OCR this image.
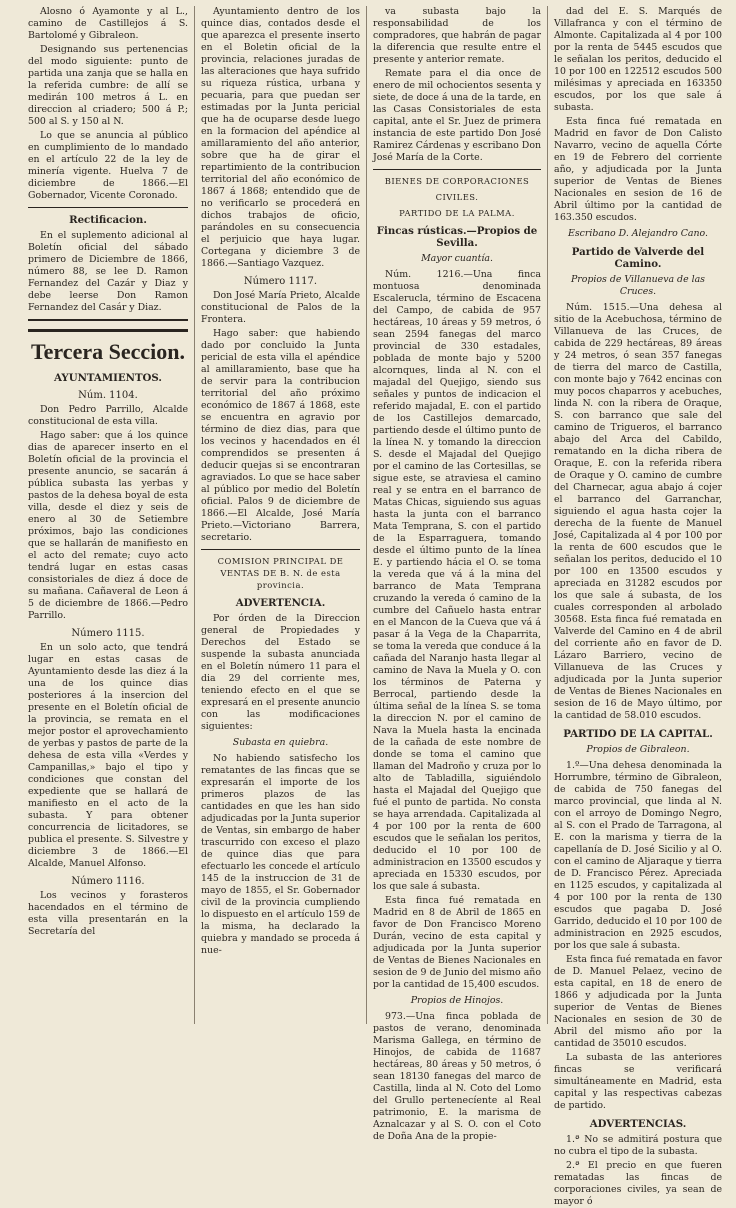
Alosno ó Ayamonte y al L., camino de Castillejos á S. Bartolomé y Gibraleon.

Designando sus pertenencias del modo siguiente: punto de partida una zanja que se halla en la referida cumbre: de allí se medirán 100 metros á L. en direccion al criadero; 500 á P.; 500 al S. y 150 al N.

Lo que se anuncia al público en cumplimiento de lo mandado en el artículo 22 de la ley de minería vigente. Huelva 7 de diciembre de 1866.—El Gobernador, Vicente Coronado.

Rectificacion.

En el suplemento adicional al Boletín oficial del sábado primero de Diciembre de 1866, número 88, se lee D. Ramon Fernandez del Cazár y Diaz y debe leerse Don Ramon Fernandez del Casár y Diaz.

Tercera Seccion.
AYUNTAMIENTOS.
Núm. 1104.

Don Pedro Parrillo, Alcalde constitucional de esta villa.

Hago saber: que á los quince dias de aparecer inserto en el Boletín oficial de la provincia el presente anuncio, se sacarán á pública subasta las yerbas y pastos de la dehesa boyal de esta villa, desde el diez y seis de enero al 30 de Setiembre próximos, bajo las condiciones que se hallarán de manifiesto en el acto del remate; cuyo acto tendrá lugar en estas casas consistoriales de diez á doce de su mañana. Cañaveral de Leon á 5 de diciembre de 1866.—Pedro Parrillo.

Número 1115.

En un solo acto, que tendrá lugar en estas casas de Ayuntamiento desde las diez á la una de los quince dias posteriores á la insercion del presente en el Boletín oficial de la provincia, se remata en el mejor postor el aprovechamiento de yerbas y pastos de parte de la dehesa de esta villa «Verdes y Campanillas,» bajo el tipo y condiciones que constan del expediente que se hallará de manifiesto en el acto de la subasta. Y para obtener concurrencia de licitadores, se publica el presente. S. Silvestre y diciembre 3 de 1866.—El Alcalde, Manuel Alfonso.

Número 1116.

Los vecinos y forasteros hacendados en el término de esta villa presentarán en la Secretaría del

Ayuntamiento dentro de los quince dias, contados desde el que aparezca el presente inserto en el Boletin oficial de la provincia, relaciones juradas de las alteraciones que haya sufrido su riqueza rústica, urbana y pecuaria, para que puedan ser estimadas por la Junta pericial que ha de ocuparse desde luego en la formacion del apéndice al amillaramiento del año anterior, sobre que ha de girar el repartimiento de la contribucion territorial del año económico de 1867 á 1868; entendido que de no verificarlo se procederá en dichos trabajos de oficio, parándoles en su consecuencia el perjuicio que haya lugar. Cortegana y diciembre 3 de 1866.—Santiago Vazquez.

Número 1117.

Don José María Prieto, Alcalde constitucional de Palos de la Frontera.

Hago saber: que habiendo dado por concluido la Junta pericial de esta villa el apéndice al amillaramiento, base que ha de servir para la contribucion territorial del año próximo económico de 1867 á 1868, este se encuentra en agravio por término de diez dias, para que los vecinos y hacendados en él comprendidos se presenten á deducir quejas si se encontraran agraviados. Lo que se hace saber al público por medio del Boletín oficial. Palos 9 de diciembre de 1866.—El Alcalde, José María Prieto.—Victoriano Barrera, secretario.

COMISION PRINCIPAL DE VENTAS DE B. N. de esta provincia.
ADVERTENCIA.

Por órden de la Direccion general de Propiedades y Derechos del Estado se suspende la subasta anunciada en el Boletín número 11 para el dia 29 del corriente mes, teniendo efecto en el que se expresará en el presente anuncio con las modificaciones siguientes:

Subasta en quiebra.

No habiendo satisfecho los rematantes de las fincas que se expresarán el importe de los primeros plazos de las cantidades en que les han sido adjudicadas por la Junta superior de Ventas, sin embargo de haber trascurrido con exceso el plazo de quince dias que para efectuarlo les concede el artículo 145 de la instruccion de 31 de mayo de 1855, el Sr. Gobernador civil de la provincia cumpliendo lo dispuesto en el artículo 159 de la misma, ha declarado la quiebra y mandado se proceda á nue-

va subasta bajo la responsabilidad de los compradores, que habrán de pagar la diferencia que resulte entre el presente y anterior remate.

Remate para el dia once de enero de mil ochocientos sesenta y siete, de doce á una de la tarde, en las Casas Consistoriales de esta capital, ante el Sr. Juez de primera instancia de este partido Don José Ramirez Cárdenas y escribano Don José María de la Corte.

BIENES DE CORPORACIONES
CIVILES.
PARTIDO DE LA PALMA.
Fincas rústicas.—Propios de Sevilla.
Mayor cuantía.

Núm. 1216.—Una finca montuosa denominada Escalerucla, término de Escacena del Campo, de cabida de 957 hectáreas, 10 áreas y 59 metros, ó sean 2594 fanegas del marco provincial de 330 estadales, poblada de monte bajo y 5200 alcornques, linda al N. con el majadal del Quejigo, siendo sus señales y puntos de indicacion el referido majadal, E. con el partido de los Castillejos demarcado, partiendo desde el último punto de la línea N. y tomando la direccion S. desde el Majadal del Quejigo por el camino de las Cortesillas, se sigue este, se atraviesa el camino real y se entra en el barranco de Matas Chicas, siguiendo sus aguas hasta la junta con el barranco Mata Temprana, S. con el partido de la Esparraguera, tomando desde el último punto de la línea E. y partiendo hácia el O. se toma la vereda que vá á la mina del barranco de Mata Temprana cruzando la vereda ó camino de la cumbre del Cañuelo hasta entrar en el Mancon de la Cueva que vá á pasar á la Vega de la Chaparrita, se toma la vereda que conduce á la cañada del Naranjo hasta llegar al camino de Nava la Muela y O. con los términos de Paterna y Berrocal, partiendo desde la última señal de la línea S. se toma la direccion N. por el camino de Nava la Muela hasta la encinada de la cañada de este nombre de donde se toma el camino que llaman del Madroño y cruza por lo alto de Tabladilla, siguiéndolo hasta el Majadal del Quejigo que fué el punto de partida. No consta se haya arrendada. Capitalizada al 4 por 100 por la renta de 600 escudos que le señalan los peritos, deducido el 10 por 100 de administracion en 13500 escudos y apreciada en 15330 escudos, por los que sale á subasta.

Esta finca fué rematada en Madrid en 8 de Abril de 1865 en favor de Don Francisco Moreno Durán, vecino de esta capital y adjudicada por la Junta superior de Ventas de Bienes Nacionales en sesion de 9 de Junio del mismo año por la cantidad de 15,400 escudos.

Propios de Hinojos.

973.—Una finca poblada de pastos de verano, denominada Marisma Gallega, en término de Hinojos, de cabida de 11687 hectáreas, 80 áreas y 50 metros, ó sean 18130 fanegas del marco de Castilla, linda al N. Coto del Lomo del Grullo pertenecíente al Real patrimonio, E. la marisma de Aznalcazar y al S. O. con el Coto de Doña Ana de la propie-

dad del E. S. Marqués de Villafrancа y con el término de Almonte. Capitalizada al 4 por 100 por la renta de 5445 escudos que le señalan los peritos, deducido el 10 por 100 en 122512 escudos 500 milésimas y apreciada en 163350 escudos, por los que sale á subasta.

Esta finca fué rematada en Madrid en favor de Don Calisto Navarro, vecino de aquella Córte en 19 de Febrero del corriente año, y adjudicada por la Junta superior de Ventas de Bienes Nacionales en sesion de 16 de Abril último por la cantidad de 163.350 escudos.

Escribano D. Alejandro Cano.
Partido de Valverde del Camino.
Propios de Villanueva de las Cruces.

Núm. 1515.—Una dehesa al sitio de la Acebuchosa, término de Villanueva de las Cruces, de cabida de 229 hectáreas, 89 áreas y 24 metros, ó sean 357 fanegas de tierra del marco de Castilla, con monte bajo y 7642 encinas con muy pocos chaparros y acebuches, linda N. con la ribera de Oraque, S. con barranco que sale del camino de Trigueros, el barranco abajo del Arca del Cabildo, rematando en la dicha ribera de Oraque, E. con la referida ribera de Oraque y O. camino de cumbre del Charnecar, agua abajo á cojer el barranco del Garranchar, siguiendo el agua hasta cojer la derecha de la fuente de Manuel José, Capitalizada al 4 por 100 por la renta de 600 escudos que le señalan los peritos, deducido el 10 por 100 en 13500 escudos y apreciada en 31282 escudos por los que sale á subasta, de los cuales corresponden al arbolado 30568. Esta finca fué rematada en Valverde del Camino en 4 de abril del corriente año en favor de D. Lázaro Barriero, vecino de Villanueva de las Cruces y adjudicada por la Junta superior de Ventas de Bienes Nacionales en sesion de 16 de Mayo último, por la cantidad de 58.010 escudos.

PARTIDO DE LA CAPITAL.
Propios de Gibraleon.

1.º—Una dehesa denominada la Horrumbre, término de Gibraleon, de cabida de 750 fanegas del marco provincial, que linda al N. con el arroyo de Domingo Negro, al S. con el Prado de Tarragona, al E. con la marisma y tierra de la capellanía de D. José Sicilio y al O. con el camino de Aljaraque y tierra de D. Francisco Pérez. Apreciada en 1125 escudos, y capitalizada al 4 por 100 por la renta de 130 escudos que pagaba D. José Garrido, deducido el 10 por 100 de administracion en 2925 escudos, por los que sale á subasta.

Esta finca fué rematada en favor de D. Manuel Pelaez, vecino de esta capital, en 18 de enero de 1866 y adjudicada por la Junta superior de Ventas de Bienes Nacionales en sesion de 30 de Abril del mismo año por la cantidad de 35010 escudos.

La subasta de las anteriores fincas se verificará simultáneamente en Madrid, esta capital y las respectivas cabezas de partido.

ADVERTENCIAS.

1.ª No se admitirá postura que no cubra el tipo de la subasta.

2.ª El precio en que fueren rematadas las fincas de corporaciones civiles, ya sean de mayor ó
